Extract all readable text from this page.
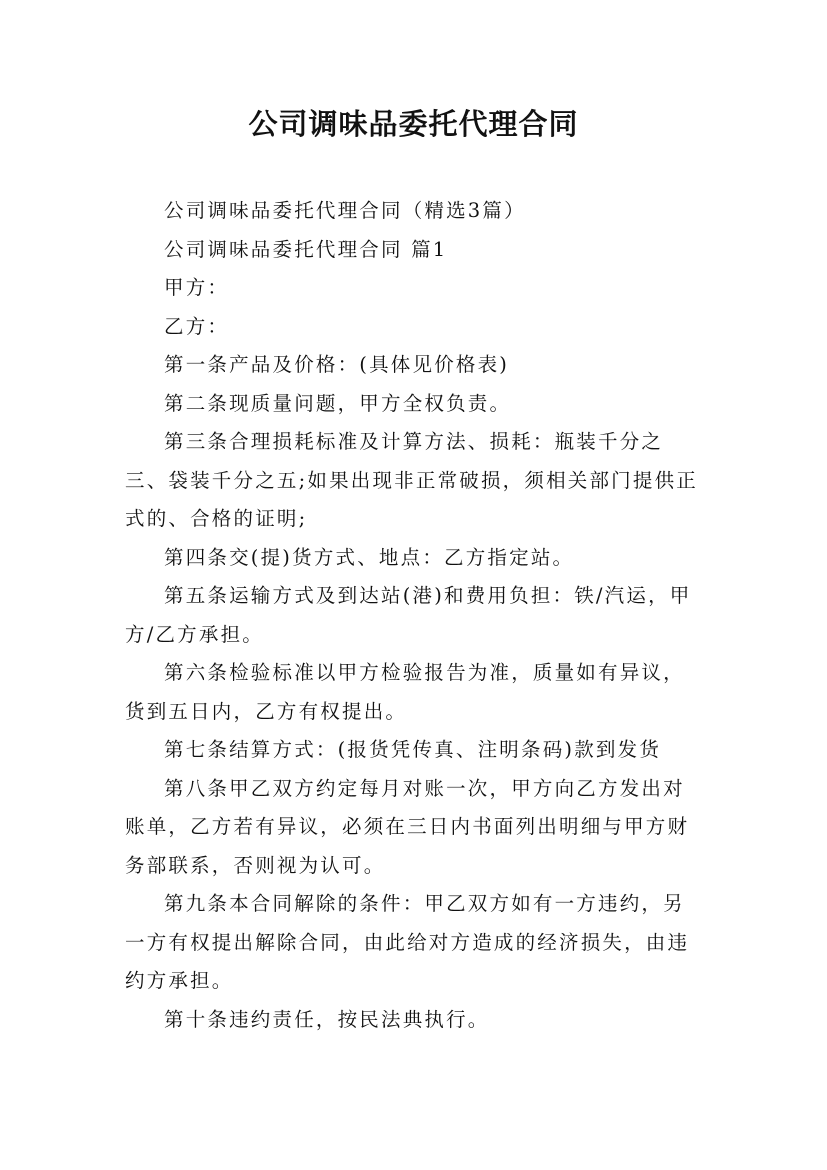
公司调味品委托代理合同

公司调味品委托代理合同（精选3篇）

公司调味品委托代理合同 篇1

甲方：

乙方：

第一条产品及价格：(具体见价格表)

第二条现质量问题，甲方全权负责。

第三条合理损耗标准及计算方法、损耗：瓶装千分之三、袋装千分之五;如果出现非正常破损，须相关部门提供正式的、合格的证明;

第四条交(提)货方式、地点：乙方指定站。

第五条运输方式及到达站(港)和费用负担：铁/汽运，甲方/乙方承担。

第六条检验标准以甲方检验报告为准，质量如有异议，货到五日内，乙方有权提出。

第七条结算方式：(报货凭传真、注明条码)款到发货

第八条甲乙双方约定每月对账一次，甲方向乙方发出对账单，乙方若有异议，必须在三日内书面列出明细与甲方财务部联系，否则视为认可。

第九条本合同解除的条件：甲乙双方如有一方违约，另一方有权提出解除合同，由此给对方造成的经济损失，由违约方承担。

第十条违约责任，按民法典执行。
